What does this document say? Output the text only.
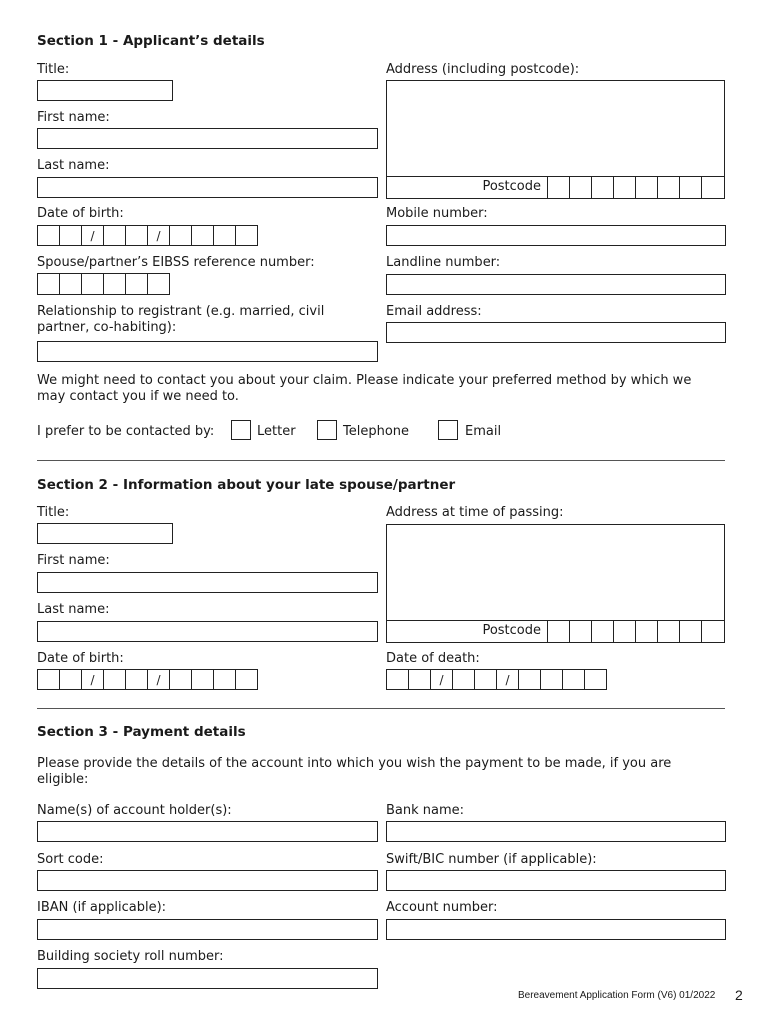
Section 1 - Applicant’s details
Title:
First name:
Last name:
Date of birth:
/	/
Spouse/partner’s EIBSS reference number:
Relationship to registrant (e.g. married, civil
partner, co-habiting):
Address (including postcode):
Postcode
Mobile number:
Landline number:
Email address:
We might need to contact you about your claim. Please indicate your preferred method by which we
may contact you if we need to.
I prefer to be contacted by:	Letter	Telephone	Email
Section 2 - Information about your late spouse/partner
Title:
First name:
Last name:
Date of birth:
/	/
Address at time of passing:
Postcode
Date of death:
/	/
Section 3 - Payment details
Please provide the details of the account into which you wish the payment to be made, if you are
eligible:
Name(s) of account holder(s):	Bank name:
Sort code:	Swift/BIC number (if applicable):
IBAN (if applicable):	Account number:
Building society roll number:
Bereavement Application Form (V6) 01/2022 2
